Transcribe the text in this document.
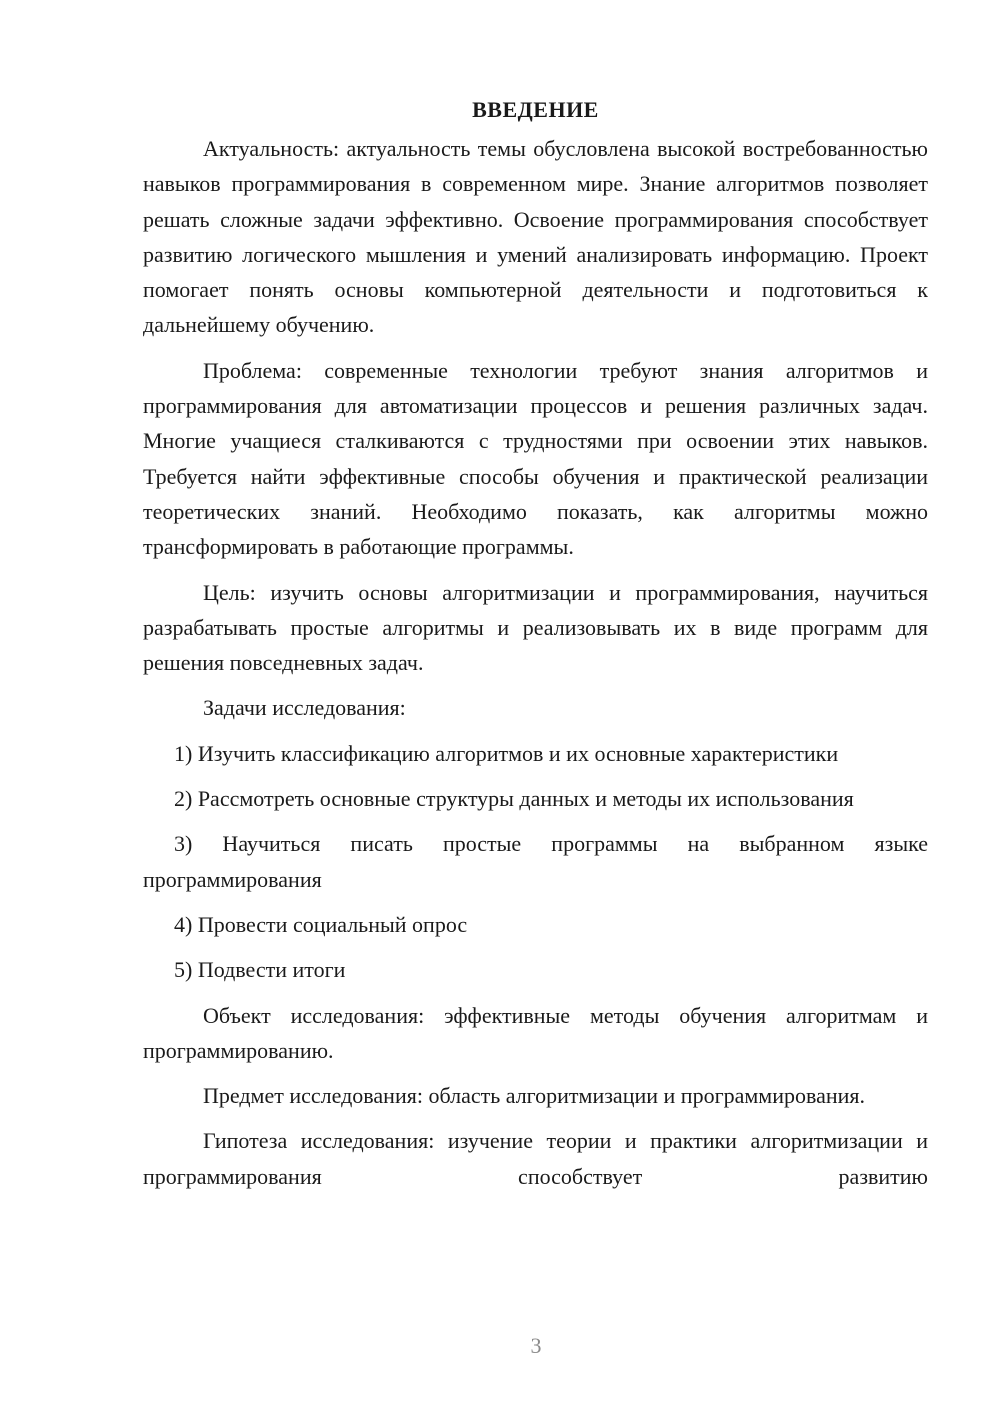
ВВЕДЕНИЕ

Актуальность: актуальность темы обусловлена высокой востребованностью навыков программирования в современном мире. Знание алгоритмов позволяет решать сложные задачи эффективно. Освоение программирования способствует развитию логического мышления и умений анализировать информацию. Проект помогает понять основы компьютерной деятельности и подготовиться к дальнейшему обучению.

Проблема: современные технологии требуют знания алгоритмов и программирования для автоматизации процессов и решения различных задач. Многие учащиеся сталкиваются с трудностями при освоении этих навыков. Требуется найти эффективные способы обучения и практической реализации теоретических знаний. Необходимо показать, как алгоритмы можно трансформировать в работающие программы.

Цель: изучить основы алгоритмизации и программирования, научиться разрабатывать простые алгоритмы и реализовывать их в виде программ для решения повседневных задач.

Задачи исследования:

1) Изучить классификацию алгоритмов и их основные характеристики
2) Рассмотреть основные структуры данных и методы их использования
3) Научиться писать простые программы на выбранном языке программирования
4) Провести социальный опрос
5) Подвести итоги

Объект исследования: эффективные методы обучения алгоритмам и программированию.

Предмет исследования: область алгоритмизации и программирования.

Гипотеза исследования: изучение теории и практики алгоритмизации и программирования способствует развитию

3
